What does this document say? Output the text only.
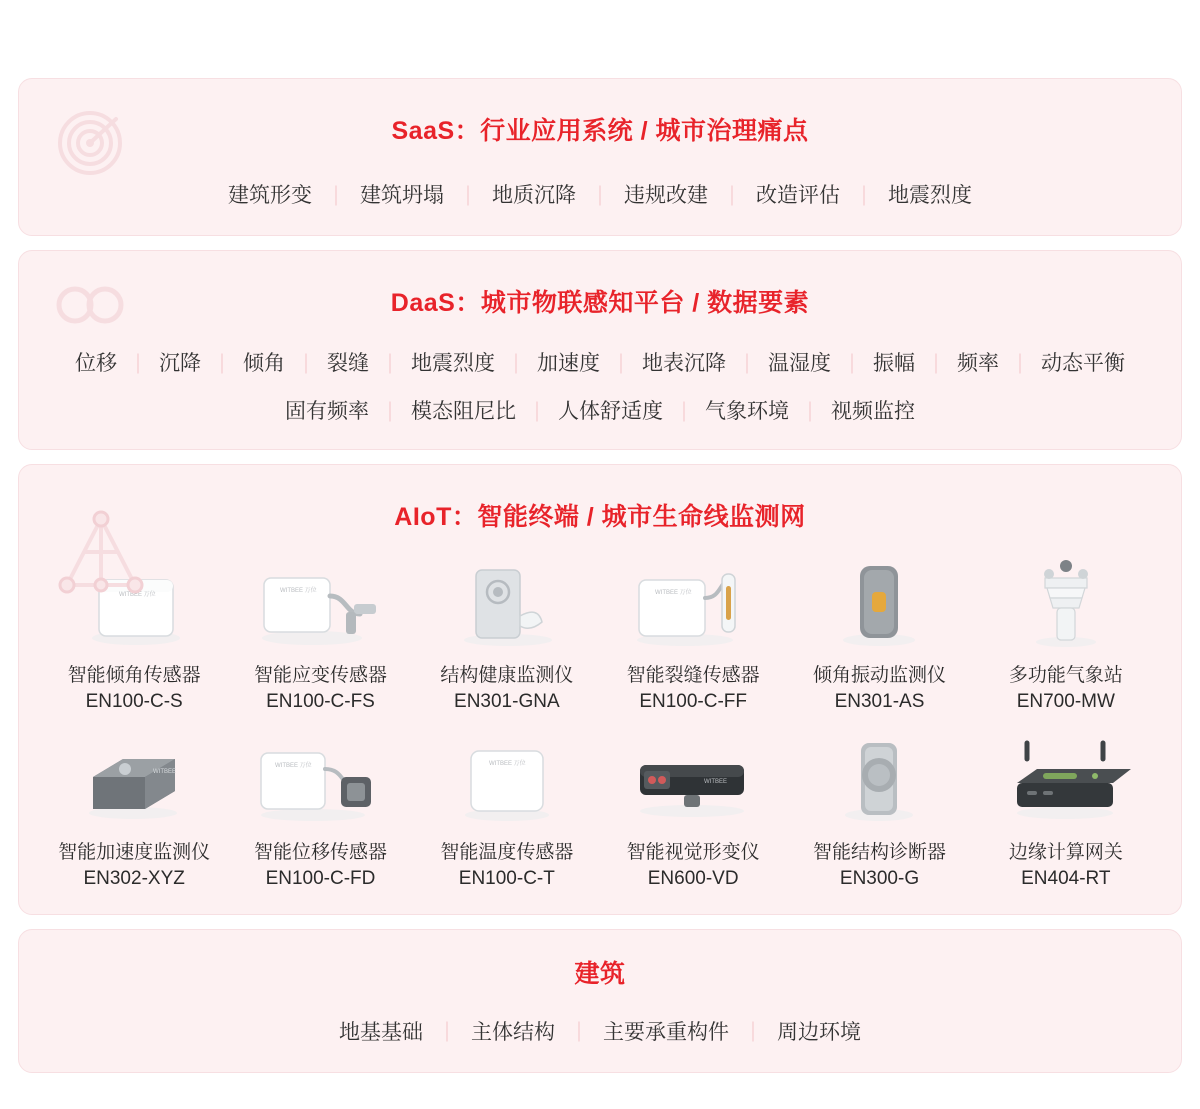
SaaS：行业应用系统 / 城市治理痛点
建筑形变 ｜ 建筑坍塌 ｜ 地质沉降 ｜ 违规改建 ｜ 改造评估 ｜ 地震烈度
DaaS：城市物联感知平台 / 数据要素
位移 ｜ 沉降 ｜ 倾角 ｜ 裂缝 ｜ 地震烈度 ｜ 加速度 ｜ 地表沉降 ｜ 温湿度 ｜ 振幅 ｜ 频率 ｜ 动态平衡
固有频率 ｜ 模态阻尼比 ｜ 人体舒适度 ｜ 气象环境 ｜ 视频监控
AIoT：智能终端 / 城市生命线监测网
WITBEE 万位
智能倾角传感器
EN100-C-S
WITBEE 万位
智能应变传感器
EN100-C-FS
结构健康监测仪
EN301-GNA
WITBEE 万位
智能裂缝传感器
EN100-C-FF
倾角振动监测仪
EN301-AS
多功能气象站
EN700-MW
WITBEE
智能加速度监测仪
EN302-XYZ
WITBEE 万位
智能位移传感器
EN100-C-FD
WITBEE 万位
智能温度传感器
EN100-C-T
WITBEE
智能视觉形变仪
EN600-VD
智能结构诊断器
EN300-G
边缘计算网关
EN404-RT
建筑
地基基础 ｜ 主体结构 ｜ 主要承重构件 ｜ 周边环境
